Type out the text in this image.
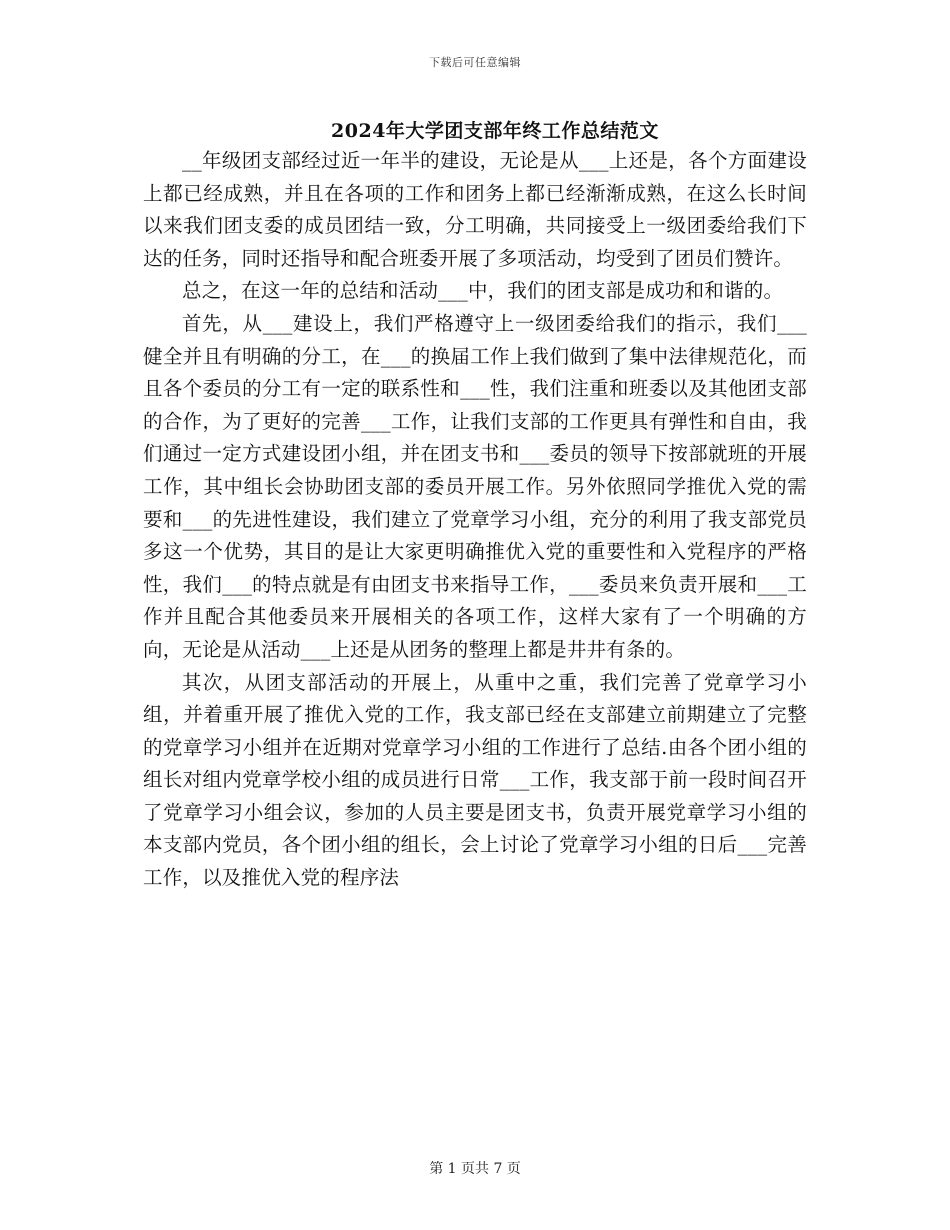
下载后可任意编辑
2024年大学团支部年终工作总结范文

__年级团支部经过近一年半的建设，无论是从___上还是，各个方面建设上都已经成熟，并且在各项的工作和团务上都已经渐渐成熟，在这么长时间以来我们团支委的成员团结一致，分工明确，共同接受上一级团委给我们下达的任务，同时还指导和配合班委开展了多项活动，均受到了团员们赞许。

总之，在这一年的总结和活动___中，我们的团支部是成功和和谐的。

首先，从___建设上，我们严格遵守上一级团委给我们的指示，我们___健全并且有明确的分工，在___的换届工作上我们做到了集中法律规范化，而且各个委员的分工有一定的联系性和___性，我们注重和班委以及其他团支部的合作，为了更好的完善___工作，让我们支部的工作更具有弹性和自由，我们通过一定方式建设团小组，并在团支书和___委员的领导下按部就班的开展工作，其中组长会协助团支部的委员开展工作。另外依照同学推优入党的需要和___的先进性建设，我们建立了党章学习小组，充分的利用了我支部党员多这一个优势，其目的是让大家更明确推优入党的重要性和入党程序的严格性，我们___的特点就是有由团支书来指导工作，___委员来负责开展和___工作并且配合其他委员来开展相关的各项工作，这样大家有了一个明确的方向，无论是从活动___上还是从团务的整理上都是井井有条的。

其次，从团支部活动的开展上，从重中之重，我们完善了党章学习小组，并着重开展了推优入党的工作，我支部已经在支部建立前期建立了完整的党章学习小组并在近期对党章学习小组的工作进行了总结.由各个团小组的组长对组内党章学校小组的成员进行日常___工作，我支部于前一段时间召开了党章学习小组会议，参加的人员主要是团支书，负责开展党章学习小组的本支部内党员，各个团小组的组长，会上讨论了党章学习小组的日后___完善工作，以及推优入党的程序法

第 1 页共 7 页
